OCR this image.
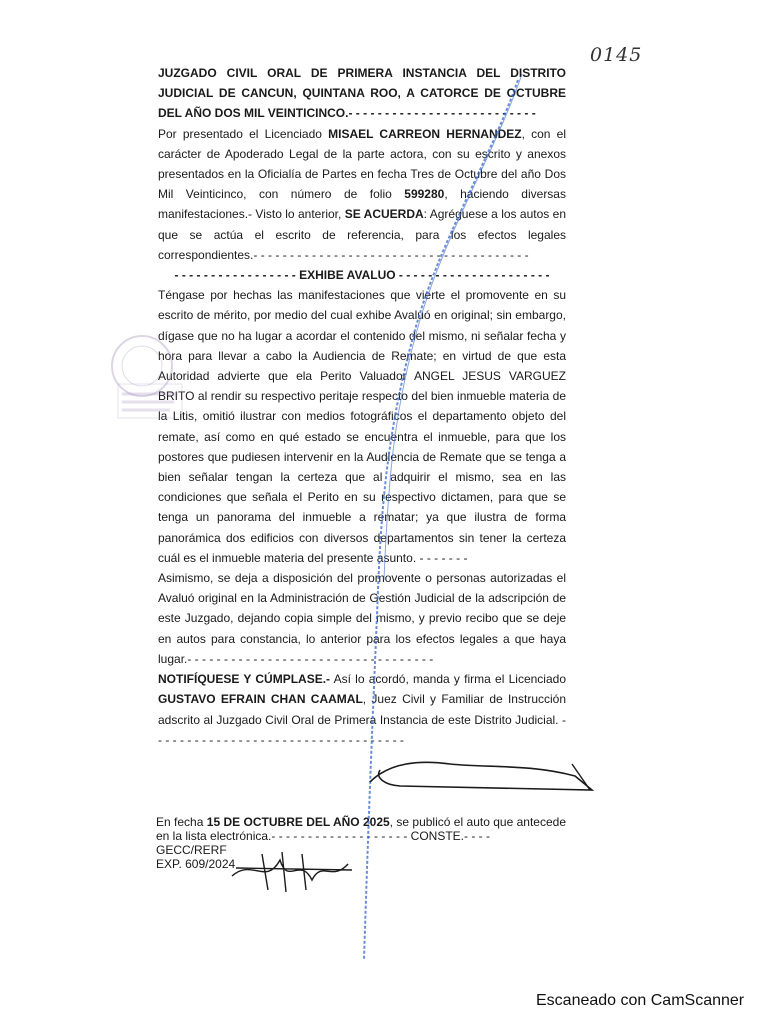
0145

JUZGADO CIVIL ORAL DE PRIMERA INSTANCIA DEL DISTRITO JUDICIAL DE CANCUN, QUINTANA ROO, A CATORCE DE OCTUBRE DEL AÑO DOS MIL VEINTICINCO.- - - - - - - - - - - - - - - - - - - - - - - - - -

Por presentado el Licenciado MISAEL CARREON HERNANDEZ, con el carácter de Apoderado Legal de la parte actora, con su escrito y anexos presentados en la Oficialía de Partes en fecha Tres de Octubre del año Dos Mil Veinticinco, con número de folio 599280, haciendo diversas manifestaciones.- Visto lo anterior, SE ACUERDA: Agréguese a los autos en que se actúa el escrito de referencia, para los efectos legales correspondientes.- - - - - - - - - - - - - - - - - - - - - - - - - - - - - - - - - - - - - -

- - - - - - - - - - - - - - - - - EXHIBE AVALUO - - - - - - - - - - - - - - - - - - - - -

Téngase por hechas las manifestaciones que vierte el promovente en su escrito de mérito, por medio del cual exhibe Avaluó en original; sin embargo, dígase que no ha lugar a acordar el contenido del mismo, ni señalar fecha y hora para llevar a cabo la Audiencia de Remate; en virtud de que esta Autoridad advierte que ela Perito Valuador ANGEL JESUS VARGUEZ BRITO al rendir su respectivo peritaje respecto del bien inmueble materia de la Litis, omitió ilustrar con medios fotográficos el departamento objeto del remate, así como en qué estado se encuentra el inmueble, para que los postores que pudiesen intervenir en la Audiencia de Remate que se tenga a bien señalar tengan la certeza que al adquirir el mismo, sea en las condiciones que señala el Perito en su respectivo dictamen, para que se tenga un panorama del inmueble a rematar; ya que ilustra de forma panorámica dos edificios con diversos departamentos sin tener la certeza cuál es el inmueble materia del presente asunto. - - - - - - -

Asimismo, se deja a disposición del promovente o personas autorizadas el Avaluó original en la Administración de Gestión Judicial de la adscripción de este Juzgado, dejando copia simple del mismo, y previo recibo que se deje en autos para constancia, lo anterior para los efectos legales a que haya lugar.- - - - - - - - - - - - - - - - - - - - - - - - - - - - - - - - - -

NOTIFÍQUESE Y CÚMPLASE.- Así lo acordó, manda y firma el Licenciado GUSTAVO EFRAIN CHAN CAAMAL, Juez Civil y Familiar de Instrucción adscrito al Juzgado Civil Oral de Primera Instancia de este Distrito Judicial. - - - - - - - - - - - - - - - - - - - - - - - - - - - - - - - - - - -

En fecha 15 DE OCTUBRE DEL AÑO 2025, se publicó el auto que antecede en la lista electrónica.- - - - - - - - - - - - - - - - - - - CONSTE.- - - -

GECC/RERF

EXP. 609/2024

Escaneado con CamScanner
